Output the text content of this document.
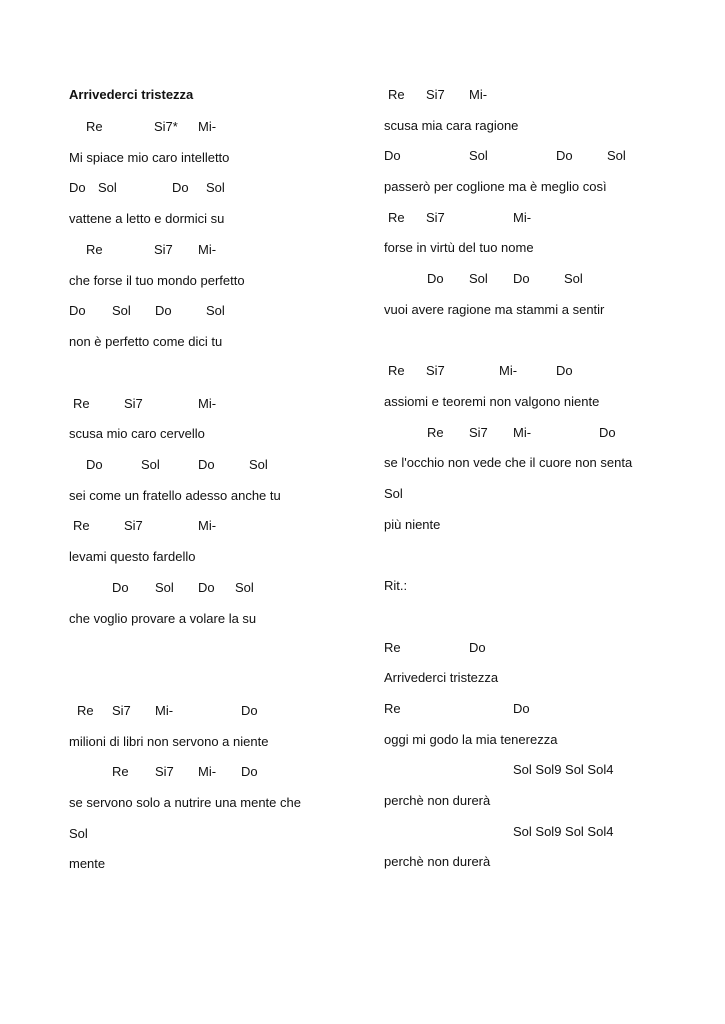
Arrivederci tristezza
Re	Si7* Mi-
Mi spiace mio caro intelletto
Do Sol	Do Sol
vattene a letto e dormici su
Re	Si7 Mi-
che forse il tuo mondo perfetto
Do Sol Do	Sol
non è perfetto come dici tu
Re	Si7	Mi-
scusa mio caro cervello
Do	Sol	Do	Sol
sei come un fratello adesso anche tu
Re	Si7	Mi-
levami questo fardello
Do Sol Do Sol
che voglio provare a volare la su
Re Si7 Mi-	Do
milioni di libri non servono a niente
Re Si7 Mi- Do
se servono solo a nutrire una mente che
Sol
mente
Re Si7 Mi-
scusa mia cara ragione
Do	Sol	Do	Sol
passerò per coglione ma è meglio così
Re Si7	Mi-
forse in virtù del tuo nome
Do Sol Do	Sol
vuoi avere ragione ma stammi a sentir
Re Si7	Mi-	Do
assiomi e teoremi non valgono niente
Re Si7 Mi-	Do
se l'occhio non vede che il cuore non senta
Sol
più niente
Rit.:
Re	Do
Arrivederci tristezza
Re	Do
oggi mi godo la mia tenerezza
Sol Sol9 Sol Sol4
perchè non durerà
Sol Sol9 Sol Sol4
perchè non durerà
